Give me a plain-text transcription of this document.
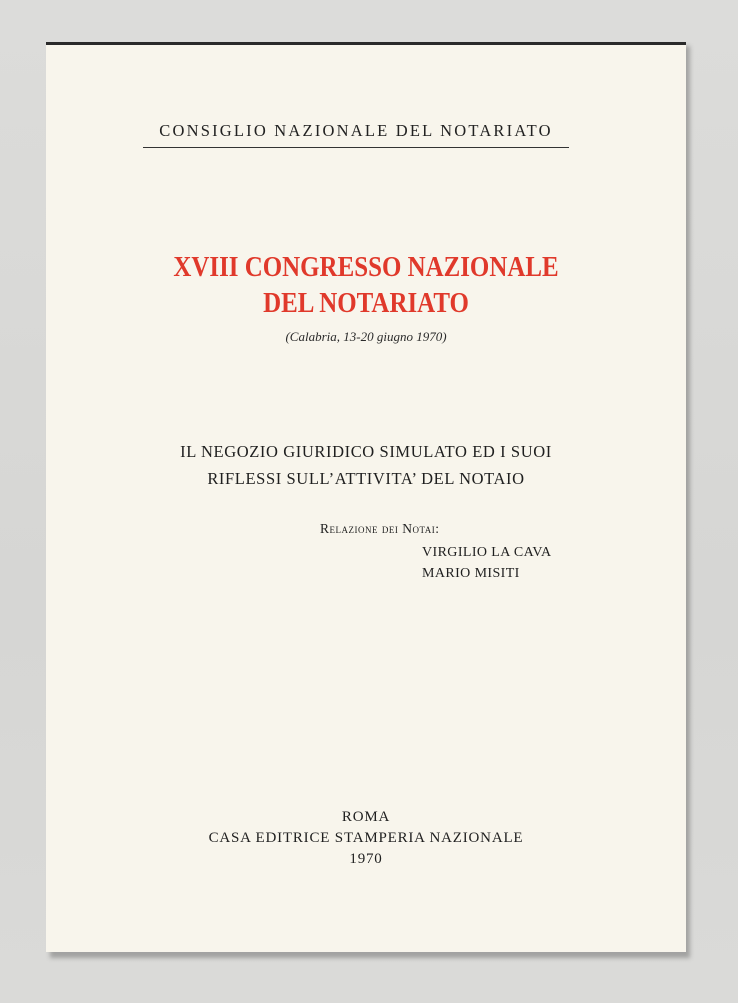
CONSIGLIO NAZIONALE DEL NOTARIATO
XVIII CONGRESSO NAZIONALE
DEL NOTARIATO
(Calabria, 13-20 giugno 1970)
IL NEGOZIO GIURIDICO SIMULATO ED I SUOI
RIFLESSI SULL’ATTIVITA’ DEL NOTAIO
Relazione dei Notai:
VIRGILIO LA CAVA
MARIO MISITI
ROMA
CASA EDITRICE STAMPERIA NAZIONALE
1970
